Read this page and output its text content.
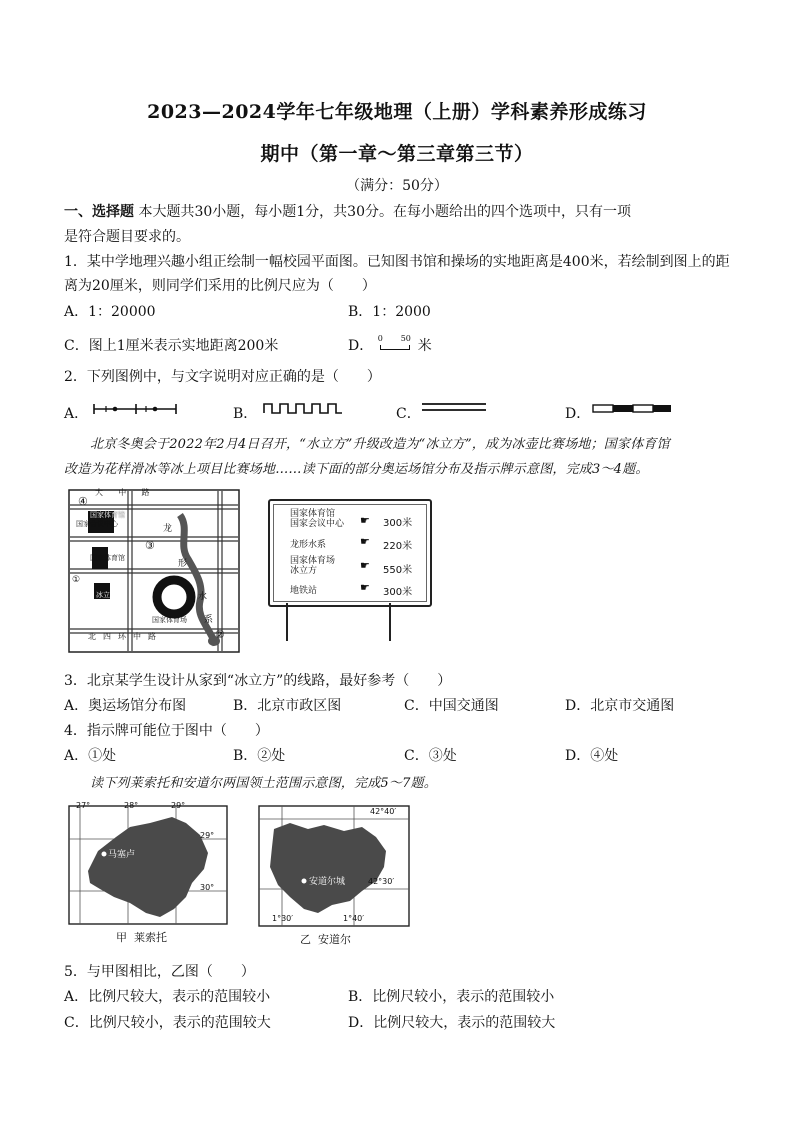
2023—2024学年七年级地理（上册）学科素养形成练习
期中（第一章～第三章第三节）
（满分：50分）
一、选择题 本大题共30小题，每小题1分，共30分。在每小题给出的四个选项中，只有一项
是符合题目要求的。
1．某中学地理兴趣小组正绘制一幅校园平面图。已知图书馆和操场的实地距离是400米，若绘制到图上的距
离为20厘米，则同学们采用的比例尺应为（　　）
A．1：20000	B．1：2000
C．图上1厘米表示实地距离200米	D． 0 50 米
2．下列图例中，与文字说明对应正确的是（　　）
A．	B．	C．	D．
北京冬奥会于2022年2月4日召开，“水立方”升级改造为“冰立方”，成为冰壶比赛场地；国家体育馆
改造为花样滑冰等冰上项目比赛场地……读下面的部分奥运场馆分布及指示牌示意图，完成3～4题。
大 中 路
北四环中路
国家体育馆
国家会议中心
国家体育馆
冰立方
国家体育场
龙
形
水
系
④
③
②
①
国家体育馆
国家会议中心 ☛ 300米
龙形水系	☛ 220米
国家体育场
冰立方	☛ 550米
地铁站	☛ 300米
3．北京某学生设计从家到“冰立方”的线路，最好参考（　　）
A．奥运场馆分布图	B．北京市政区图	C．中国交通图	D．北京市交通图
4．指示牌可能位于图中（　　）
A．①处	B．②处	C．③处	D．④处
读下列莱索托和安道尔两国领土范围示意图，完成5～7题。
27°	28°	29°
29°
30°
马塞卢
甲  莱索托
42°40′
42°30′
1°30′	1°40′
安道尔城
乙  安道尔
5．与甲图相比，乙图（　　）
A．比例尺较大，表示的范围较小	B．比例尺较小，表示的范围较小
C．比例尺较小，表示的范围较大	D．比例尺较大，表示的范围较大
